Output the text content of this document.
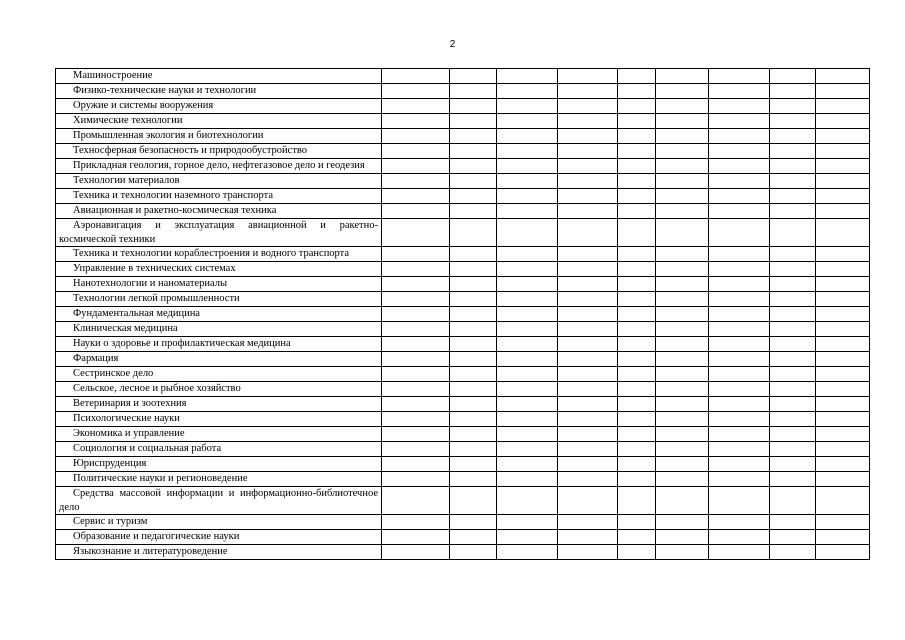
2
Машиностроение									
Физико-технические науки и технологии									
Оружие и системы вооружения									
Химические технологии									
Промышленная экология и биотехнологии									
Техносферная безопасность и природообустройство									
Прикладная геология, горное дело, нефтегазовое дело и геодезия									
Технологии материалов									
Техника и технологии наземного транспорта									
Авиационная и ракетно-космическая техника									
Аэронавигация и эксплуатация авиационной и ракетно-космической техники									
Техника и технологии кораблестроения и водного транспорта									
Управление в технических системах									
Нанотехнологии и наноматериалы									
Технологии легкой промышленности									
Фундаментальная медицина									
Клиническая медицина									
Науки о здоровье и профилактическая медицина									
Фармация									
Сестринское дело									
Сельское, лесное и рыбное хозяйство									
Ветеринария и зоотехния									
Психологические науки									
Экономика и управление									
Социология и социальная работа									
Юриспруденция									
Политические науки и регионоведение									
Средства массовой информации и информационно-библиотечное дело									
Сервис и туризм									
Образование и педагогические науки									
Языкознание и литературоведение									
